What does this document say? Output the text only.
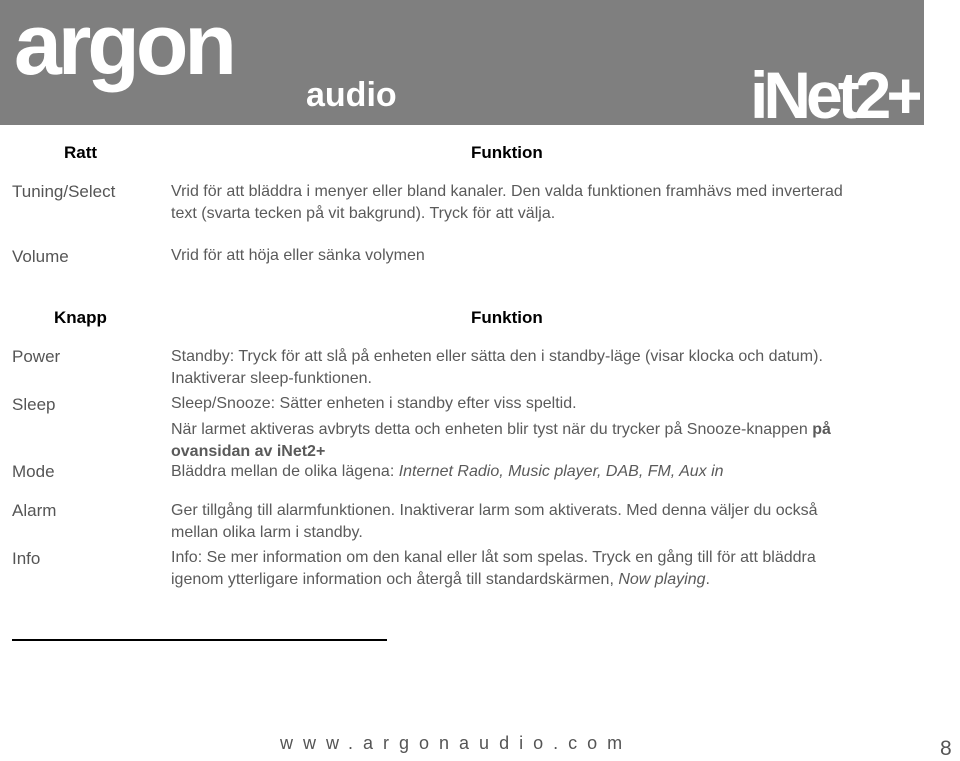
argon
audio	iNet2+
Ratt	Funktion
Tuning/Select	Vrid för att bläddra i menyer eller bland kanaler. Den valda funktionen framhävs med inverterad text (svarta tecken på vit bakgrund). Tryck för att välja.
Volume	Vrid för att höja eller sänka volymen
Knapp	Funktion
Power	Standby: Tryck för att slå på enheten eller sätta den i standby-läge (visar klocka och datum). Inaktiverar sleep-funktionen.
Sleep	Sleep/Snooze: Sätter enheten i standby efter viss speltid.
När larmet aktiveras avbryts detta och enheten blir tyst när du trycker på Snooze-knappen på ovansidan av iNet2+
Mode	Bläddra mellan de olika lägena: Internet Radio, Music player, DAB, FM, Aux in
Alarm	Ger tillgång till alarmfunktionen. Inaktiverar larm som aktiverats. Med denna väljer du också mellan olika larm i standby.
Info	Info: Se mer information om den kanal eller låt som spelas. Tryck en gång till för att bläddra igenom ytterligare information och återgå till standardskärmen, Now playing.
www.argonaudio.com	8
